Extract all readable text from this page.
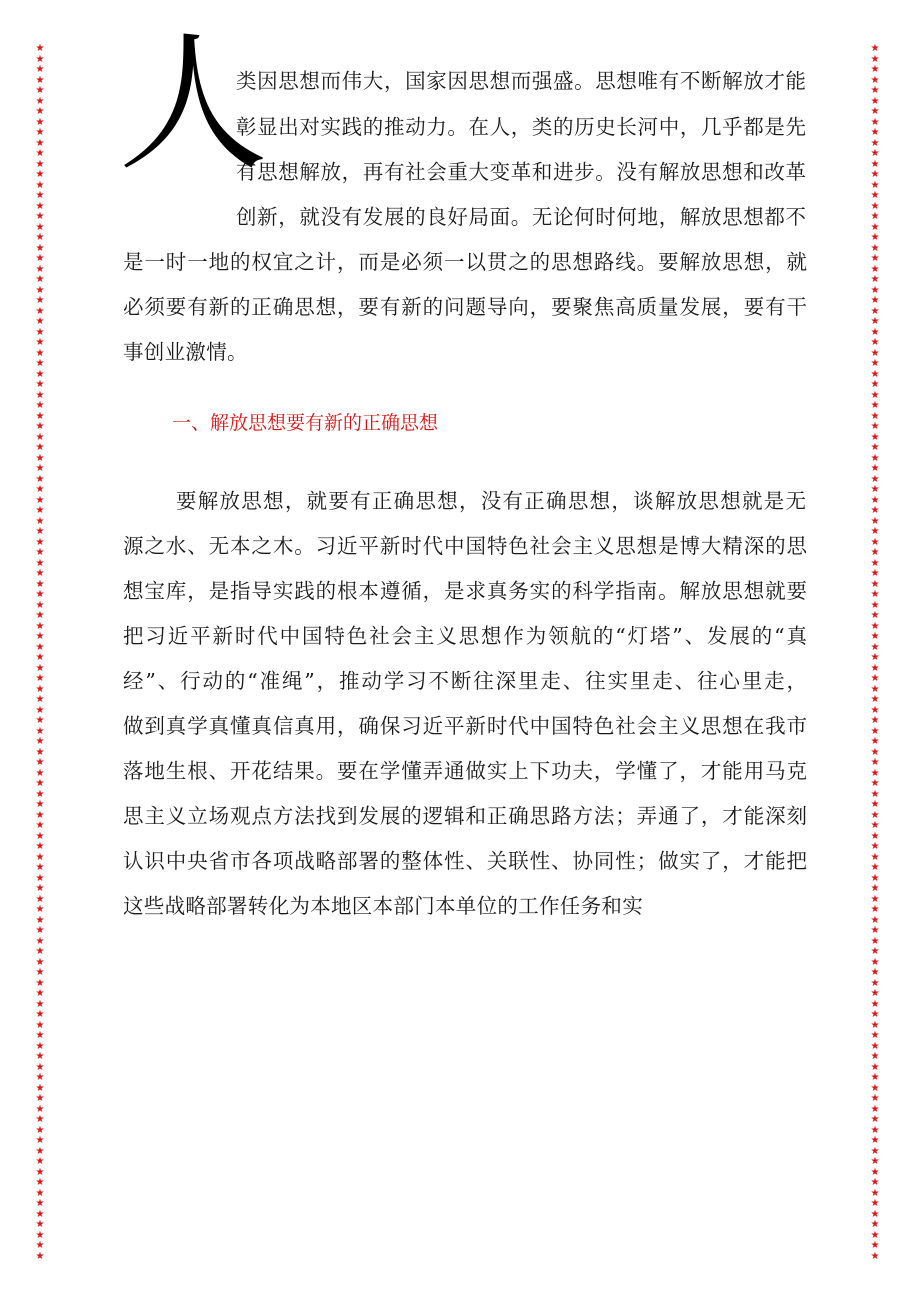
★★★★★★★★★★★★★★★★★★★★★★★★★★★★★★★★★★★★★★★★★★★★★★★★★★★★★★★★★★★★★★★★★★★★★★★★★★★★★★★★★★★★★★★★★★★★★★★★★★★★★★★★★★★★★★★★★★★★
★★★★★★★★★★★★★★★★★★★★★★★★★★★★★★★★★★★★★★★★★★★★★★★★★★★★★★★★★★★★★★★★★★★★★★★★★★★★★★★★★★★★★★★★★★★★★★★★★★★★★★★★★★★★★★★★★★★★
人
类因思想而伟大，国家因思想而强盛。思想唯有不断解放才能
彰显出对实践的推动力。在人，类的历史长河中，几乎都是先
有思想解放，再有社会重大变革和进步。没有解放思想和改革
创新，就没有发展的良好局面。无论何时何地，解放思想都不
是一时一地的权宜之计，而是必须一以贯之的思想路线。要解放思想，就
必须要有新的正确思想，要有新的问题导向，要聚焦高质量发展，要有干
事创业激情。
一、解放思想要有新的正确思想
要解放思想，就要有正确思想，没有正确思想，谈解放思想就是无
源之水、无本之木。习近平新时代中国特色社会主义思想是博大精深的思
想宝库，是指导实践的根本遵循，是求真务实的科学指南。解放思想就要
把习近平新时代中国特色社会主义思想作为领航的“灯塔”、发展的“真
经”、行动的“准绳”，推动学习不断往深里走、往实里走、往心里走，
做到真学真懂真信真用，确保习近平新时代中国特色社会主义思想在我市
落地生根、开花结果。要在学懂弄通做实上下功夫，学懂了，才能用马克
思主义立场观点方法找到发展的逻辑和正确思路方法；弄通了，才能深刻
认识中央省市各项战略部署的整体性、关联性、协同性；做实了，才能把
这些战略部署转化为本地区本部门本单位的工作任务和实
